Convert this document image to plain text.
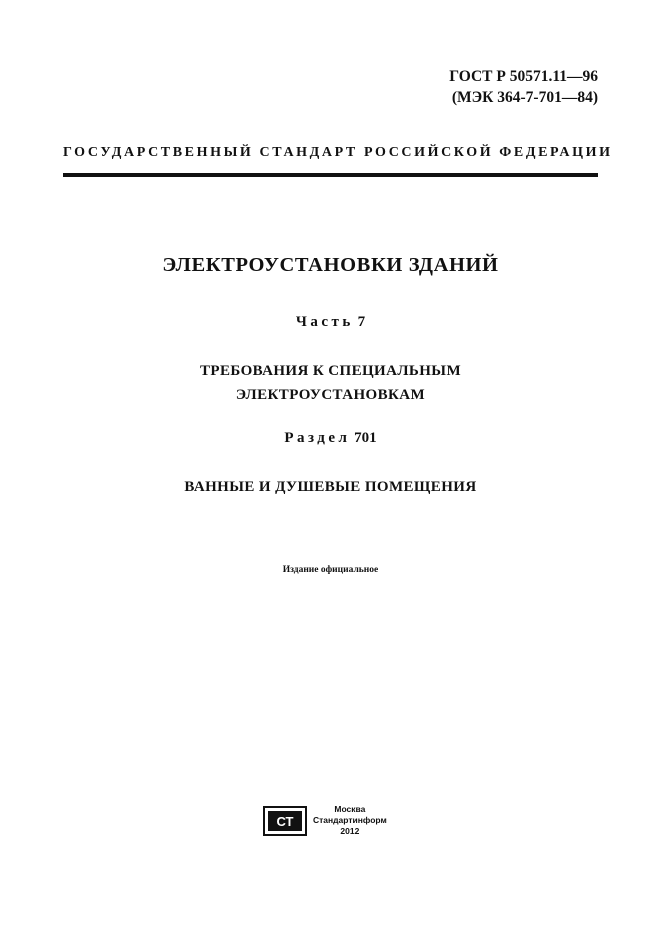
ГОСТ Р 50571.11—96
(МЭК 364-7-701—84)
ГОСУДАРСТВЕННЫЙ СТАНДАРТ РОССИЙСКОЙ ФЕДЕРАЦИИ
ЭЛЕКТРОУСТАНОВКИ ЗДАНИЙ
Часть 7
ТРЕБОВАНИЯ К СПЕЦИАЛЬНЫМ
ЭЛЕКТРОУСТАНОВКАМ
Раздел 701
ВАННЫЕ И ДУШЕВЫЕ ПОМЕЩЕНИЯ
Издание официальное
СТ
Москва
Стандартинформ
2012
